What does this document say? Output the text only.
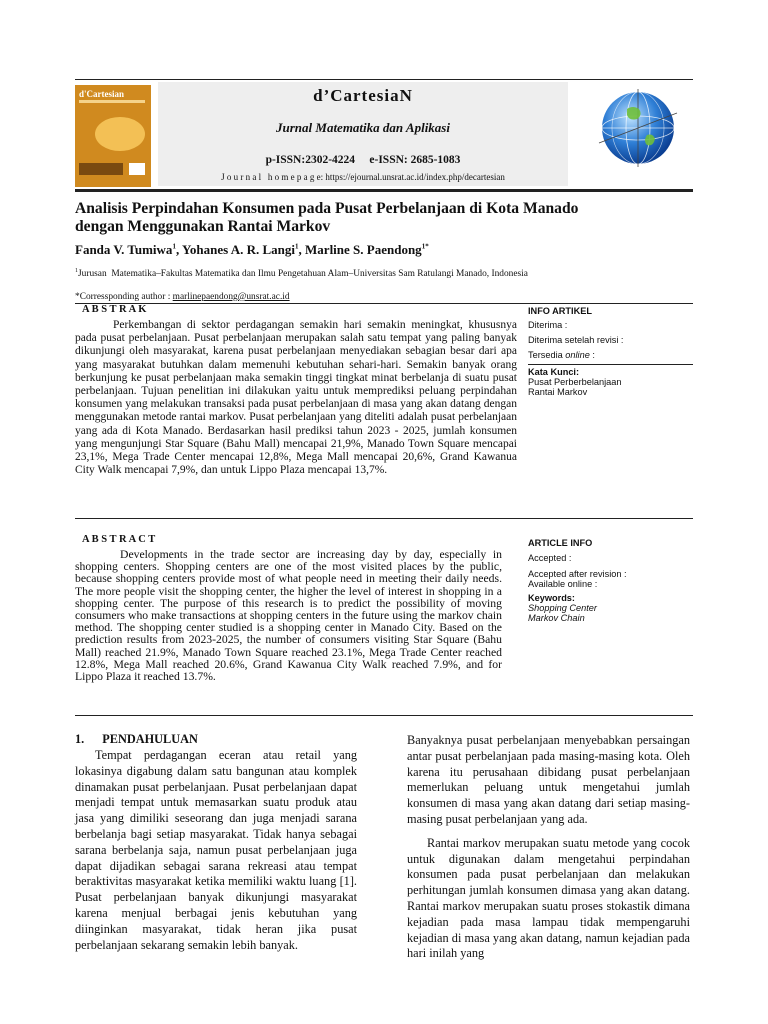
d'Cartesian	d’CartesiaN
Jurnal Matematika dan Aplikasi
p-ISSN:2302-4224     e-ISSN: 2685-1083
J o u r n a l   h o m e p a g e: https://ejournal.unsrat.ac.id/index.php/decartesian
Analisis Perpindahan Konsumen pada Pusat Perbelanjaan di Kota Manado
dengan Menggunakan Rantai Markov
Fanda V. Tumiwa$^1$, Yohanes A. R. Langi$^1$, Marline S. Paendong$^{1*}$
$^1$Jurusan  Matematika–Fakultas Matematika dan Ilmu Pengetahuan Alam–Universitas Sam Ratulangi Manado, Indonesia
*Corressponding author : marlinepaendong@unsrat.ac.id
A B S T R A K
Perkembangan di sektor perdagangan semakin hari semakin meningkat, khususnya pada pusat perbelanjaan. Pusat perbelanjaan merupakan salah satu tempat yang paling banyak dikunjungi oleh masyarakat, karena pusat perbelanjaan menyediakan sebagian besar dari apa yang masyarakat butuhkan dalam memenuhi kebutuhan sehari-hari. Semakin banyak orang berkunjung ke pusat perbelanjaan maka semakin tinggi tingkat minat berbelanja di suatu pusat perbelanjaan. Tujuan penelitian ini dilakukan yaitu untuk memprediksi peluang perpindahan konsumen yang melakukan transaksi pada pusat perbelanjaan di masa yang akan datang dengan menggunakan metode rantai markov. Pusat perbelanjaan yang diteliti adalah pusat perbelanjaan yang ada di Kota Manado. Berdasarkan hasil prediksi tahun 2023 - 2025, jumlah konsumen yang mengunjungi Star Square (Bahu Mall) mencapai 21,9%, Manado Town Square mencapai 23,1%, Mega Trade Center mencapai 12,8%, Mega Mall mencapai 20,6%, Grand Kawanua City Walk mencapai 7,9%, dan untuk Lippo Plaza mencapai 13,7%.
INFO ARTIKEL
Diterima :
Diterima setelah revisi :
Tersedia online :
Kata Kunci:
Pusat Perberbelanjaan
Rantai Markov
A B S T R A C T
Developments in the trade sector are increasing day by day, especially in shopping centers. Shopping centers are one of the most visited places by the public, because shopping centers provide most of what people need in meeting their daily needs. The more people visit the shopping center, the higher the level of interest in shopping in a shopping center. The purpose of this research is to predict the possibility of moving consumers who make transactions at shopping centers in the future using the markov chain method. The shopping center studied is a shopping center in Manado City. Based on the prediction results from 2023-2025, the number of consumers visiting Star Square (Bahu Mall) reached 21.9%, Manado Town Square reached 23.1%, Mega Trade Center reached 12.8%, Mega Mall reached 20.6%, Grand Kawanua City Walk reached 7.9%, and for Lippo Plaza it reached 13.7%.
ARTICLE INFO
Accepted :
Accepted after revision :
Available online :
Keywords:
Shopping Center
Markov Chain
1. PENDAHULUAN
Tempat perdagangan eceran atau retail yang lokasinya digabung dalam satu bangunan atau komplek dinamakan pusat perbelanjaan. Pusat perbelanjaan dapat menjadi tempat untuk memasarkan suatu produk atau jasa yang dimiliki seseorang dan juga menjadi sarana berbelanja bagi setiap masyarakat. Tidak hanya sebagai sarana berbelanja saja, namun pusat perbelanjaan juga dapat dijadikan sebagai sarana rekreasi atau tempat beraktivitas masyarakat ketika memiliki waktu luang [1]. Pusat perbelanjaan banyak dikunjungi masyarakat karena menjual berbagai jenis kebutuhan yang diinginkan masyarakat, tidak heran jika pusat perbelanjaan sekarang semakin lebih banyak.
Banyaknya pusat perbelanjaan menyebabkan persaingan antar pusat perbelanjaan pada masing-masing kota. Oleh karena itu perusahaan dibidang pusat perbelanjaan memerlukan peluang untuk mengetahui jumlah konsumen di masa yang akan datang dari setiap masing-masing pusat perbelanjaan yang ada.
Rantai markov merupakan suatu metode yang cocok untuk digunakan dalam mengetahui perpindahan konsumen pada pusat perbelanjaan dan melakukan perhitungan jumlah konsumen dimasa yang akan datang. Rantai markov merupakan suatu proses stokastik dimana kejadian pada masa lampau tidak mempengaruhi kejadian di masa yang akan datang, namun kejadian pada hari inilah yang
